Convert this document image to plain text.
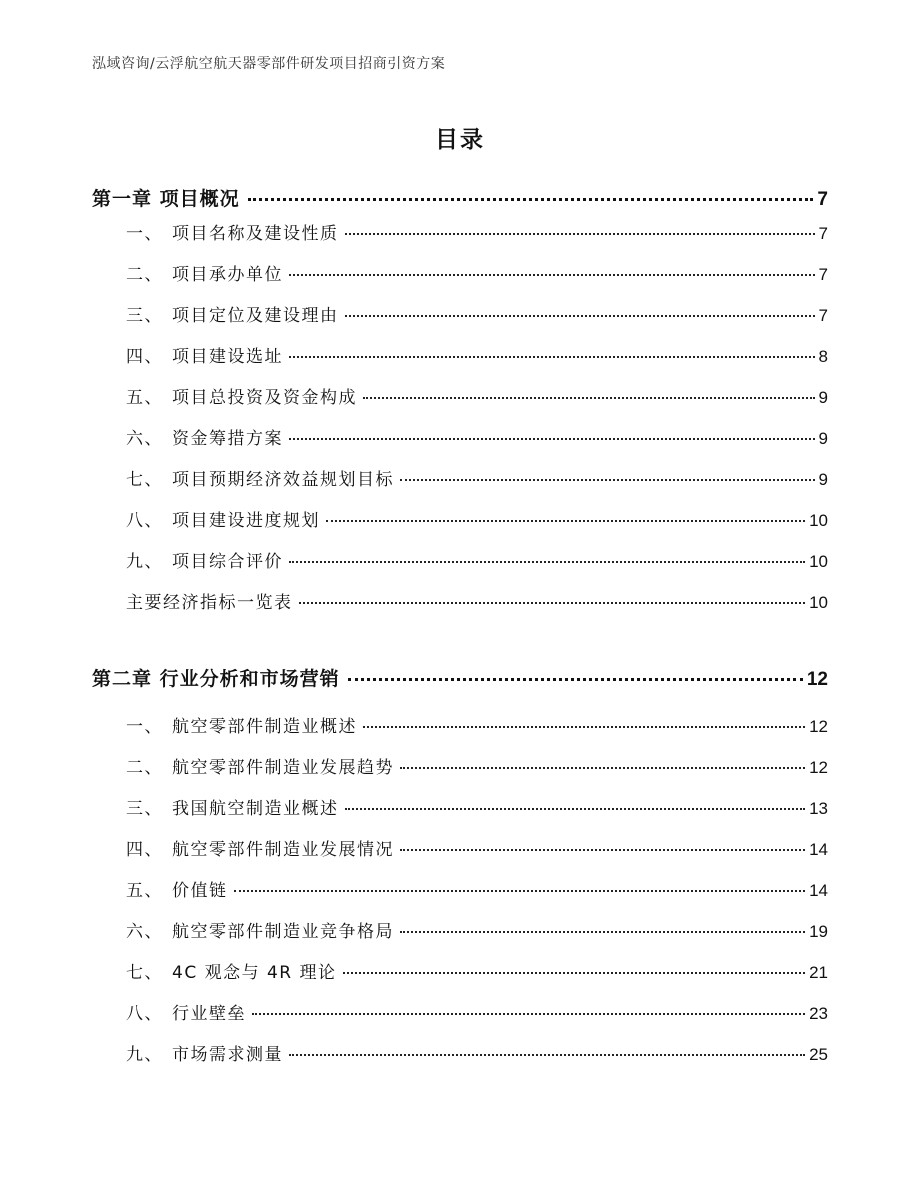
泓域咨询/云浮航空航天器零部件研发项目招商引资方案
目录
第一章 项目概况	7
一、 项目名称及建设性质	7
二、 项目承办单位	7
三、 项目定位及建设理由	7
四、 项目建设选址	8
五、 项目总投资及资金构成	9
六、 资金筹措方案	9
七、 项目预期经济效益规划目标	9
八、 项目建设进度规划	10
九、 项目综合评价	10
主要经济指标一览表	10
第二章 行业分析和市场营销	12
一、 航空零部件制造业概述	12
二、 航空零部件制造业发展趋势	12
三、 我国航空制造业概述	13
四、 航空零部件制造业发展情况	14
五、 价值链	14
六、 航空零部件制造业竞争格局	19
七、 4C 观念与 4R 理论	21
八、 行业壁垒	23
九、 市场需求测量	25
